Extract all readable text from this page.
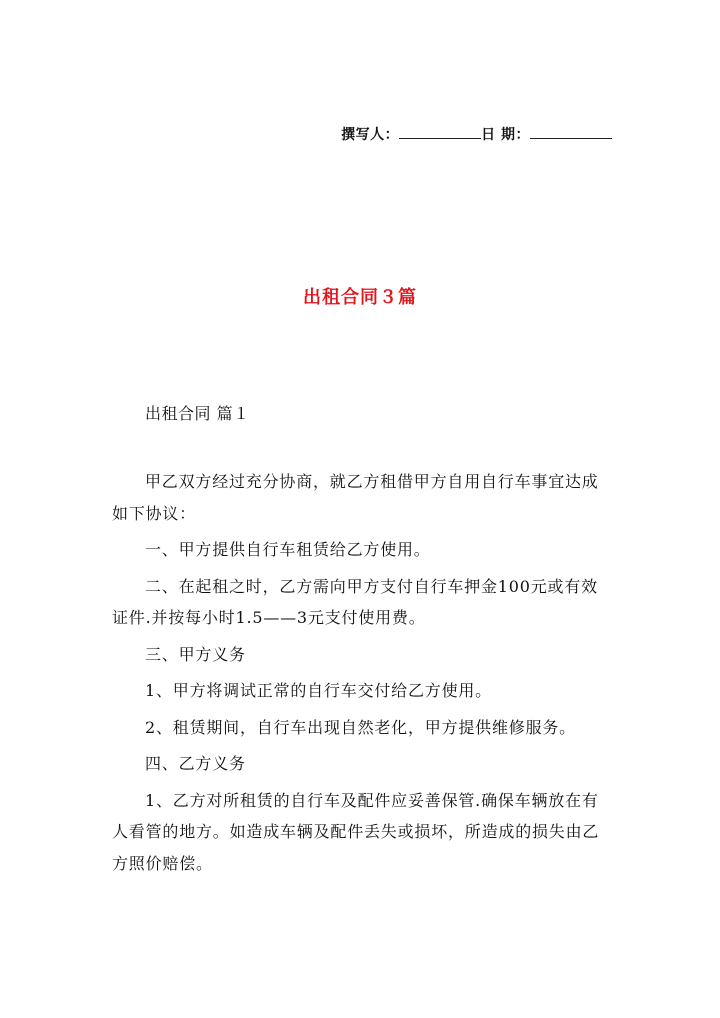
撰写人：	日 期：
出租合同３篇
出租合同 篇１

甲乙双方经过充分协商，就乙方租借甲方自用自行车事宜达成如下协议：

一、甲方提供自行车租赁给乙方使用。

二、在起租之时，乙方需向甲方支付自行车押金100元或有效证件.并按每小时1.5——3元支付使用费。

三、甲方义务

1、甲方将调试正常的自行车交付给乙方使用。

2、租赁期间，自行车出现自然老化，甲方提供维修服务。

四、乙方义务

1、乙方对所租赁的自行车及配件应妥善保管.确保车辆放在有人看管的地方。如造成车辆及配件丢失或损坏，所造成的损失由乙方照价赔偿。
